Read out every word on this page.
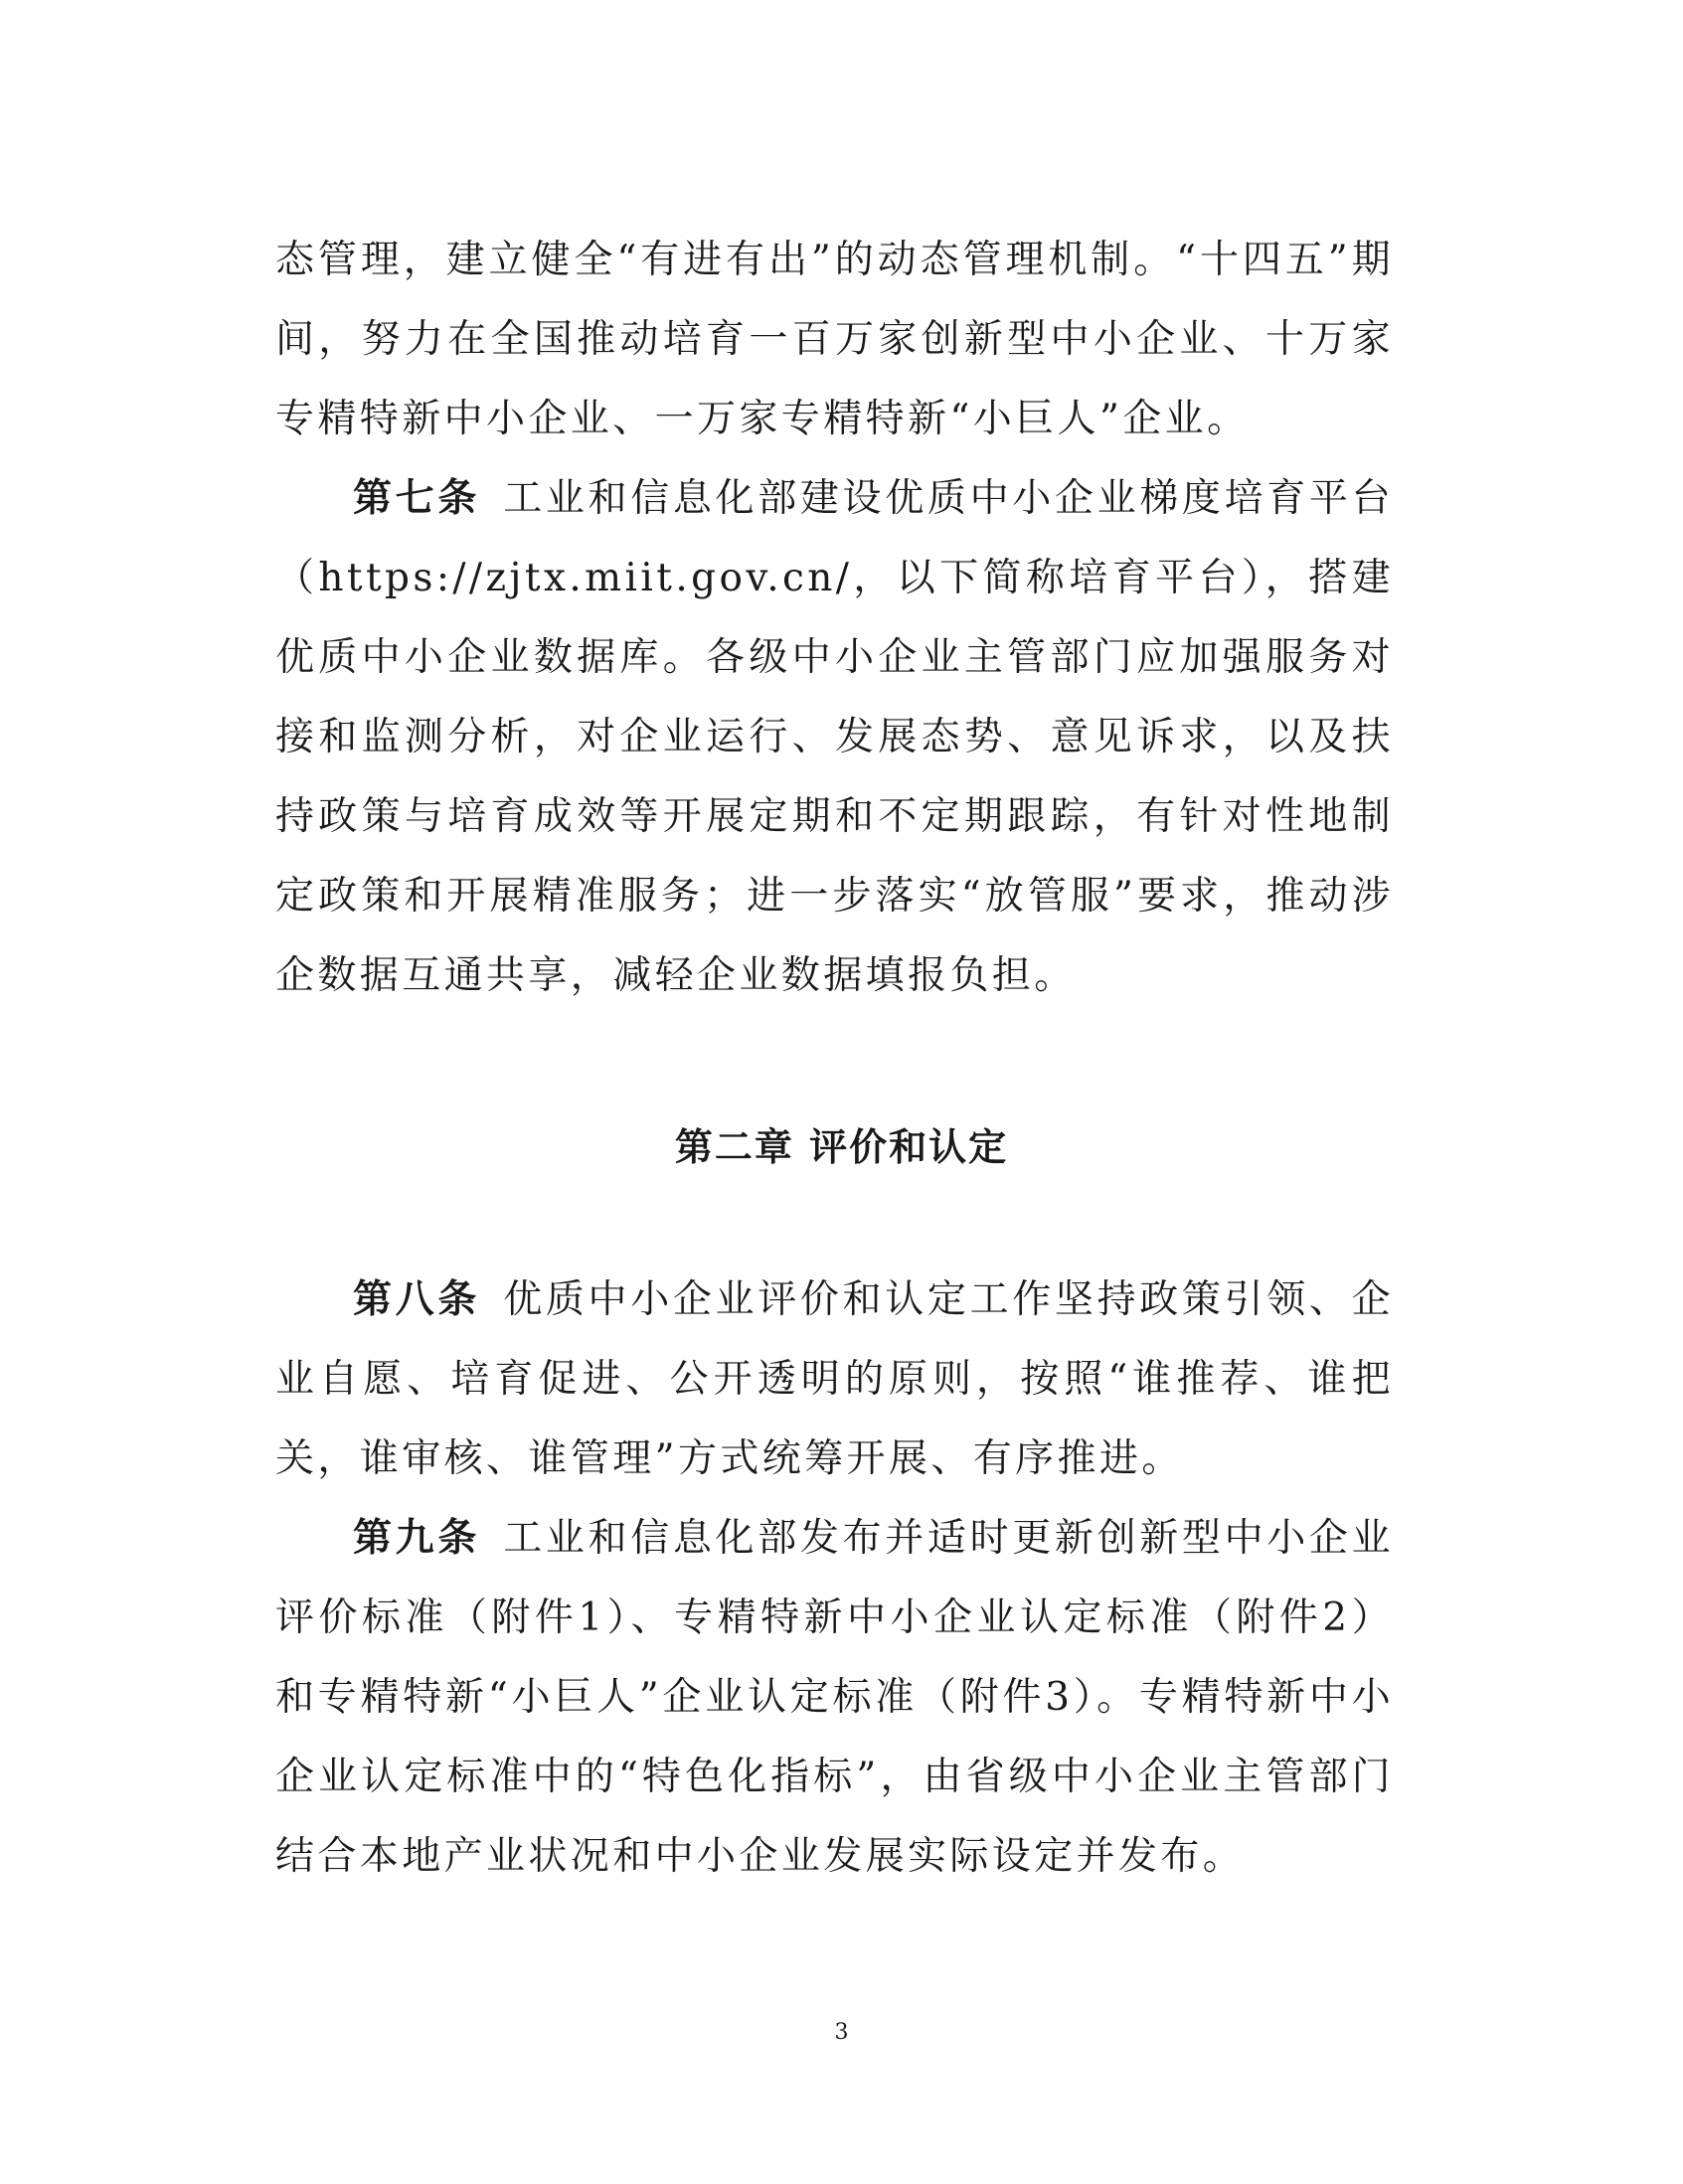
态管理，建立健全“有进有出”的动态管理机制。“十四五”期间，努力在全国推动培育一百万家创新型中小企业、十万家专精特新中小企业、一万家专精特新“小巨人”企业。

第七条  工业和信息化部建设优质中小企业梯度培育平台（https://zjtx.miit.gov.cn/，以下简称培育平台），搭建优质中小企业数据库。各级中小企业主管部门应加强服务对接和监测分析，对企业运行、发展态势、意见诉求，以及扶持政策与培育成效等开展定期和不定期跟踪，有针对性地制定政策和开展精准服务；进一步落实“放管服”要求，推动涉企数据互通共享，减轻企业数据填报负担。

第二章 评价和认定

第八条  优质中小企业评价和认定工作坚持政策引领、企业自愿、培育促进、公开透明的原则，按照“谁推荐、谁把关，谁审核、谁管理”方式统筹开展、有序推进。

第九条  工业和信息化部发布并适时更新创新型中小企业评价标准（附件1）、专精特新中小企业认定标准（附件2）和专精特新“小巨人”企业认定标准（附件3）。专精特新中小企业认定标准中的“特色化指标”，由省级中小企业主管部门结合本地产业状况和中小企业发展实际设定并发布。

3
